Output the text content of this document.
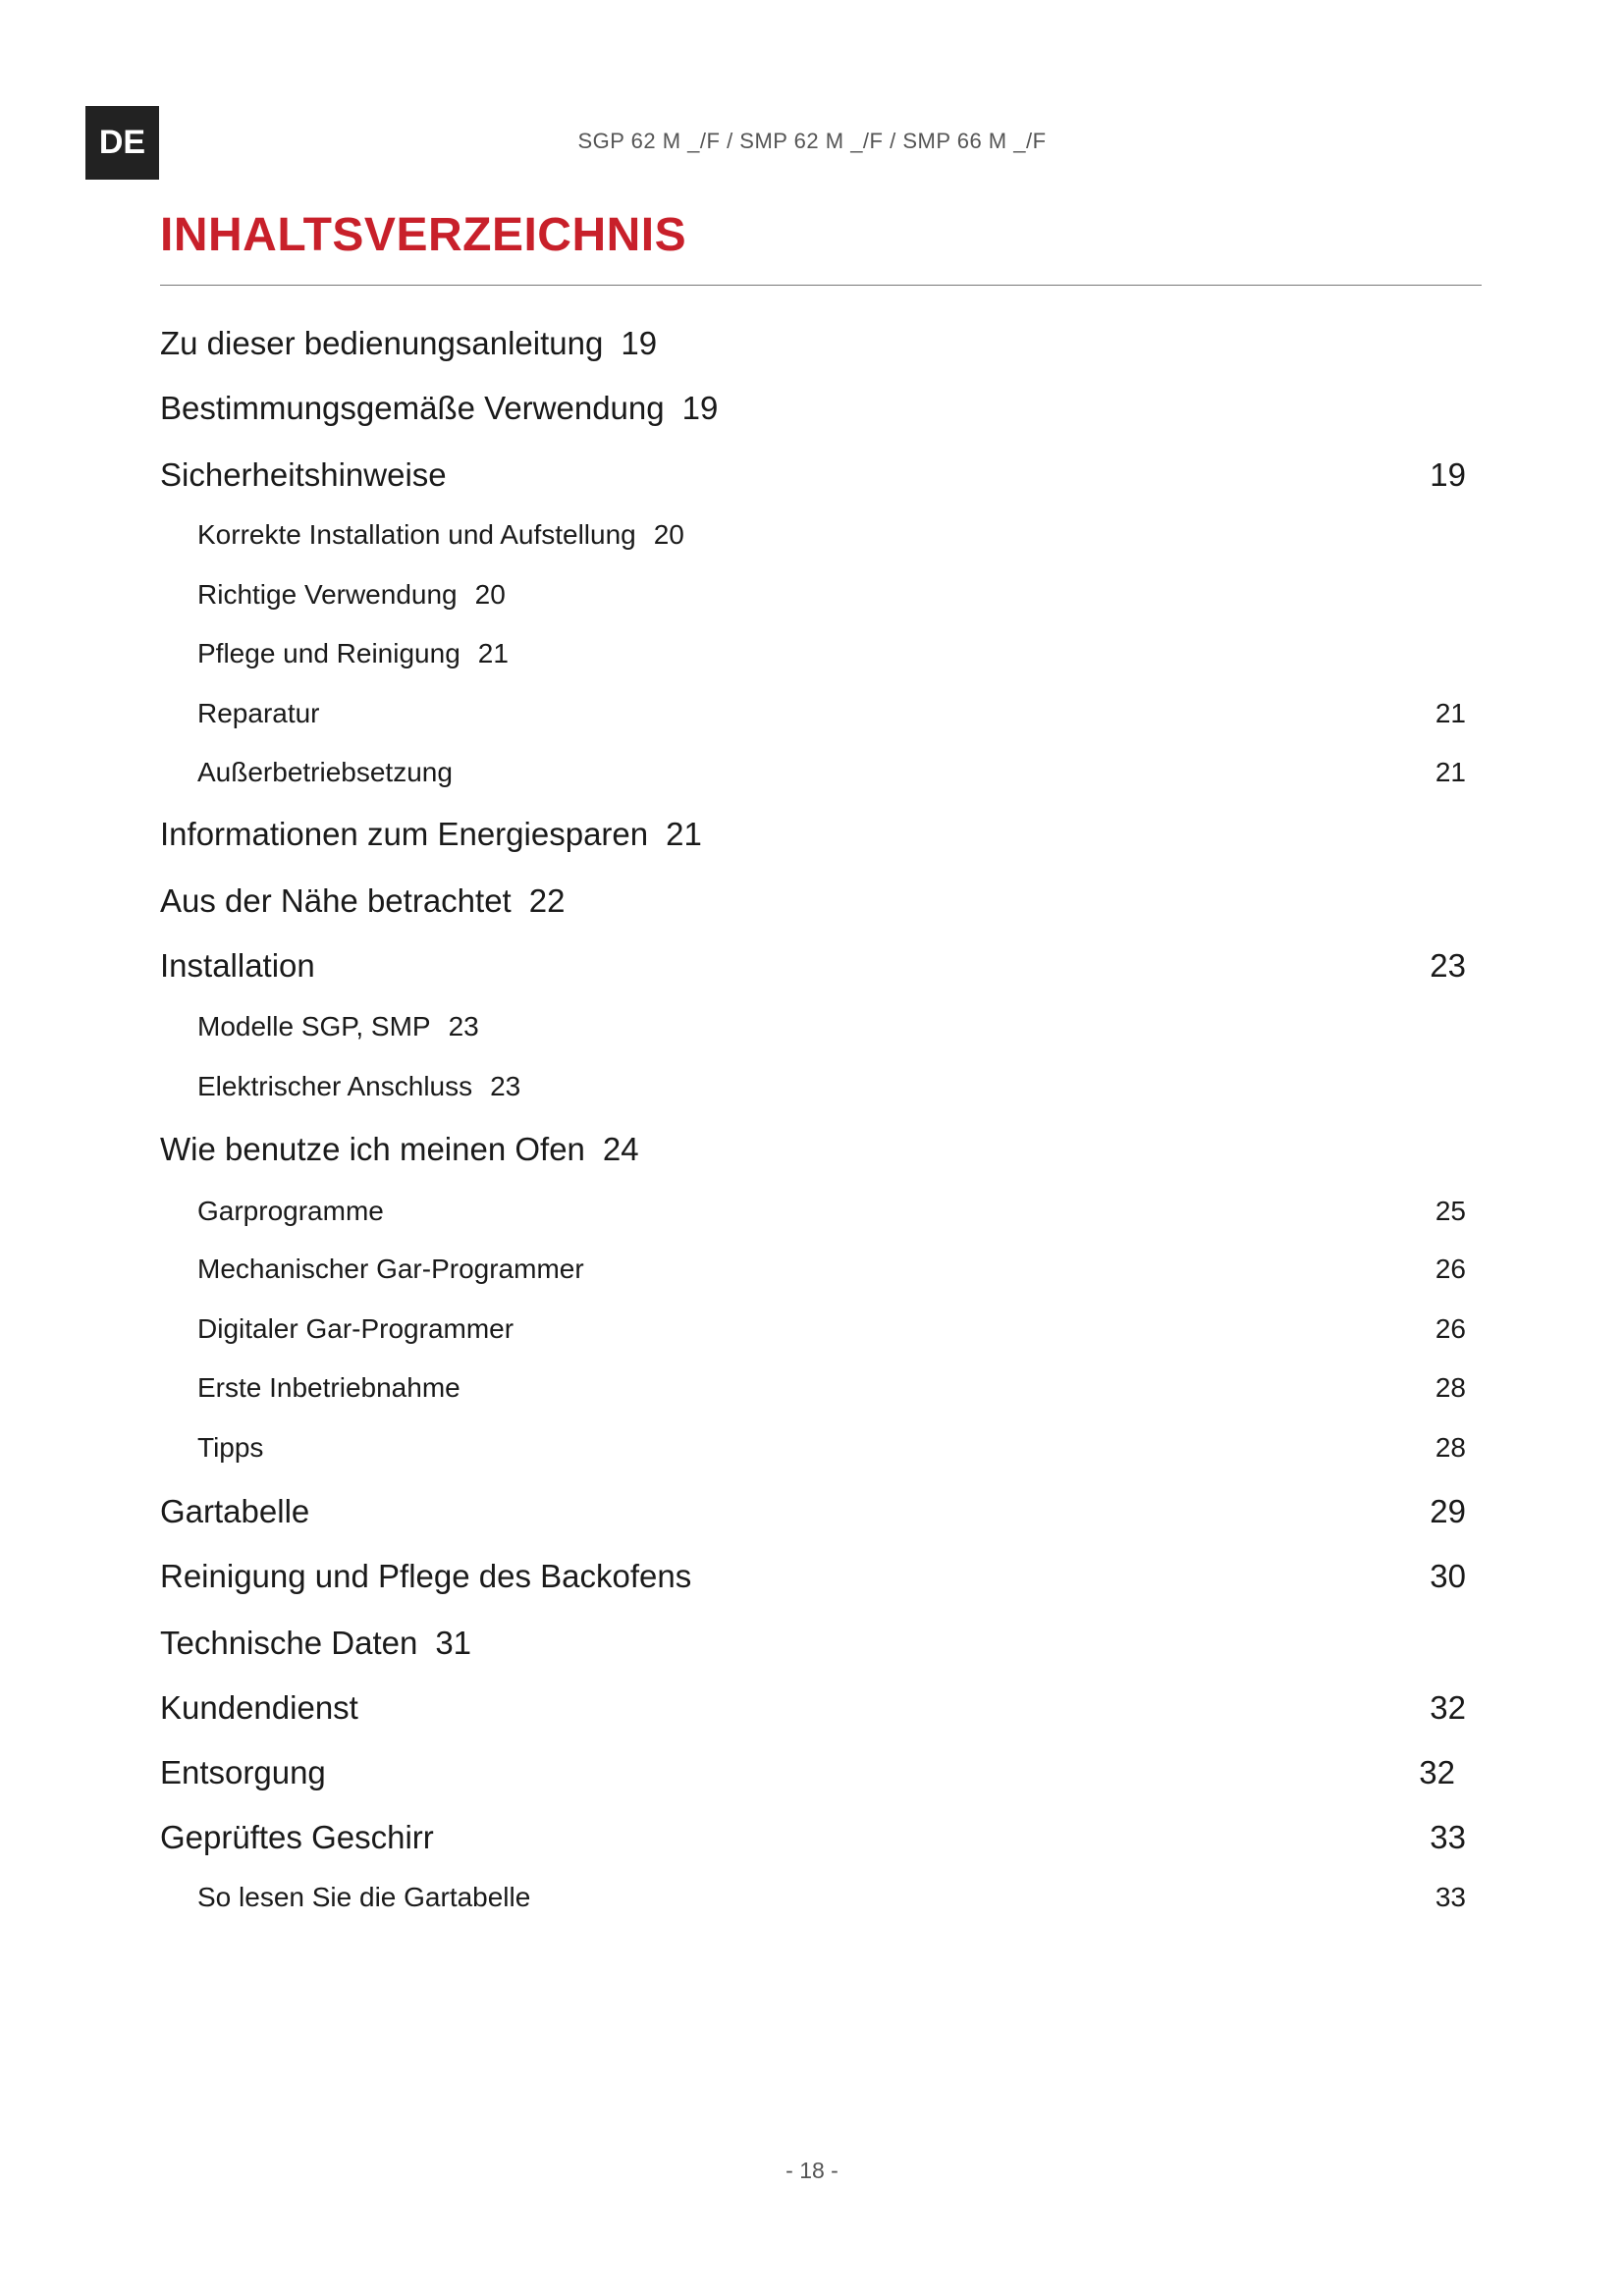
DE	SGP 62 M _/F / SMP 62 M _/F / SMP 66 M _/F
INHALTSVERZEICHNIS
Zu dieser bedienungsanleitung 19
Bestimmungsgemäße Verwendung 19
Sicherheitshinweise	19
Korrekte Installation und Aufstellung 20
Richtige Verwendung 20
Pflege und Reinigung 21
Reparatur	21
Außerbetriebsetzung	21
Informationen zum Energiesparen 21
Aus der Nähe betrachtet 22
Installation	23
Modelle SGP, SMP 23
Elektrischer Anschluss 23
Wie benutze ich meinen Ofen 24
Garprogramme	25
Mechanischer Gar-Programmer	26
Digitaler Gar-Programmer	26
Erste Inbetriebnahme	28
Tipps	28
Gartabelle	29
Reinigung und Pflege des Backofens	30
Technische Daten 31
Kundendienst	32
Entsorgung	32
Geprüftes Geschirr	33
So lesen Sie die Gartabelle	33
- 18 -
